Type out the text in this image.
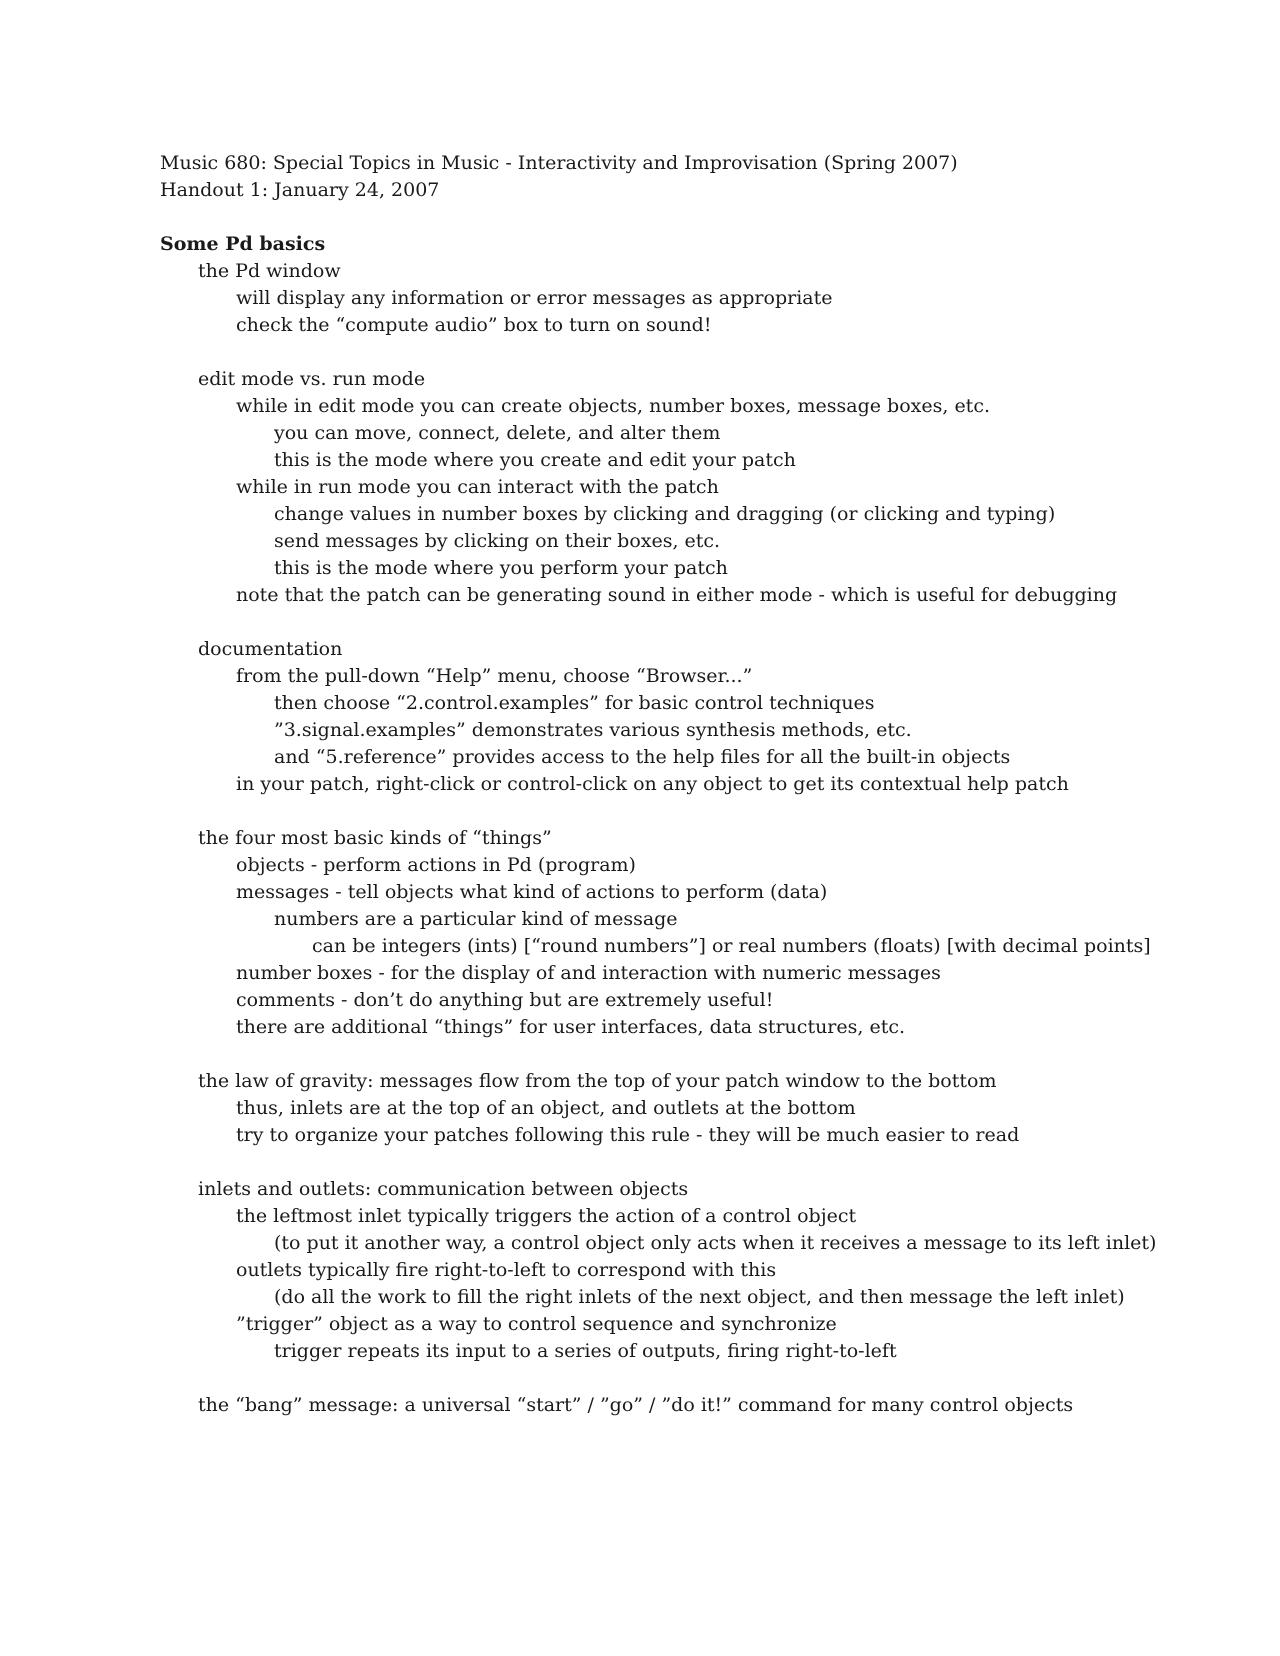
Music 680: Special Topics in Music - Interactivity and Improvisation (Spring 2007)
Handout 1: January 24, 2007
Some Pd basics
the Pd window
will display any information or error messages as appropriate
check the “compute audio” box to turn on sound!
edit mode vs. run mode
while in edit mode you can create objects, number boxes, message boxes, etc.
you can move, connect, delete, and alter them
this is the mode where you create and edit your patch
while in run mode you can interact with the patch
change values in number boxes by clicking and dragging (or clicking and typing)
send messages by clicking on their boxes, etc.
this is the mode where you perform your patch
note that the patch can be generating sound in either mode - which is useful for debugging
documentation
from the pull-down “Help” menu, choose “Browser...”
then choose “2.control.examples” for basic control techniques
”3.signal.examples” demonstrates various synthesis methods, etc.
and “5.reference” provides access to the help files for all the built-in objects
in your patch, right-click or control-click on any object to get its contextual help patch
the four most basic kinds of “things”
objects - perform actions in Pd (program)
messages - tell objects what kind of actions to perform (data)
numbers are a particular kind of message
can be integers (ints) [“round numbers”] or real numbers (floats) [with decimal points]
number boxes - for the display of and interaction with numeric messages
comments - don’t do anything but are extremely useful!
there are additional “things” for user interfaces, data structures, etc.
the law of gravity: messages flow from the top of your patch window to the bottom
thus, inlets are at the top of an object, and outlets at the bottom
try to organize your patches following this rule - they will be much easier to read
inlets and outlets: communication between objects
the leftmost inlet typically triggers the action of a control object
(to put it another way, a control object only acts when it receives a message to its left inlet)
outlets typically fire right-to-left to correspond with this
(do all the work to fill the right inlets of the next object, and then message the left inlet)
”trigger” object as a way to control sequence and synchronize
trigger repeats its input to a series of outputs, firing right-to-left
the “bang” message: a universal “start” / ”go” / ”do it!” command for many control objects
